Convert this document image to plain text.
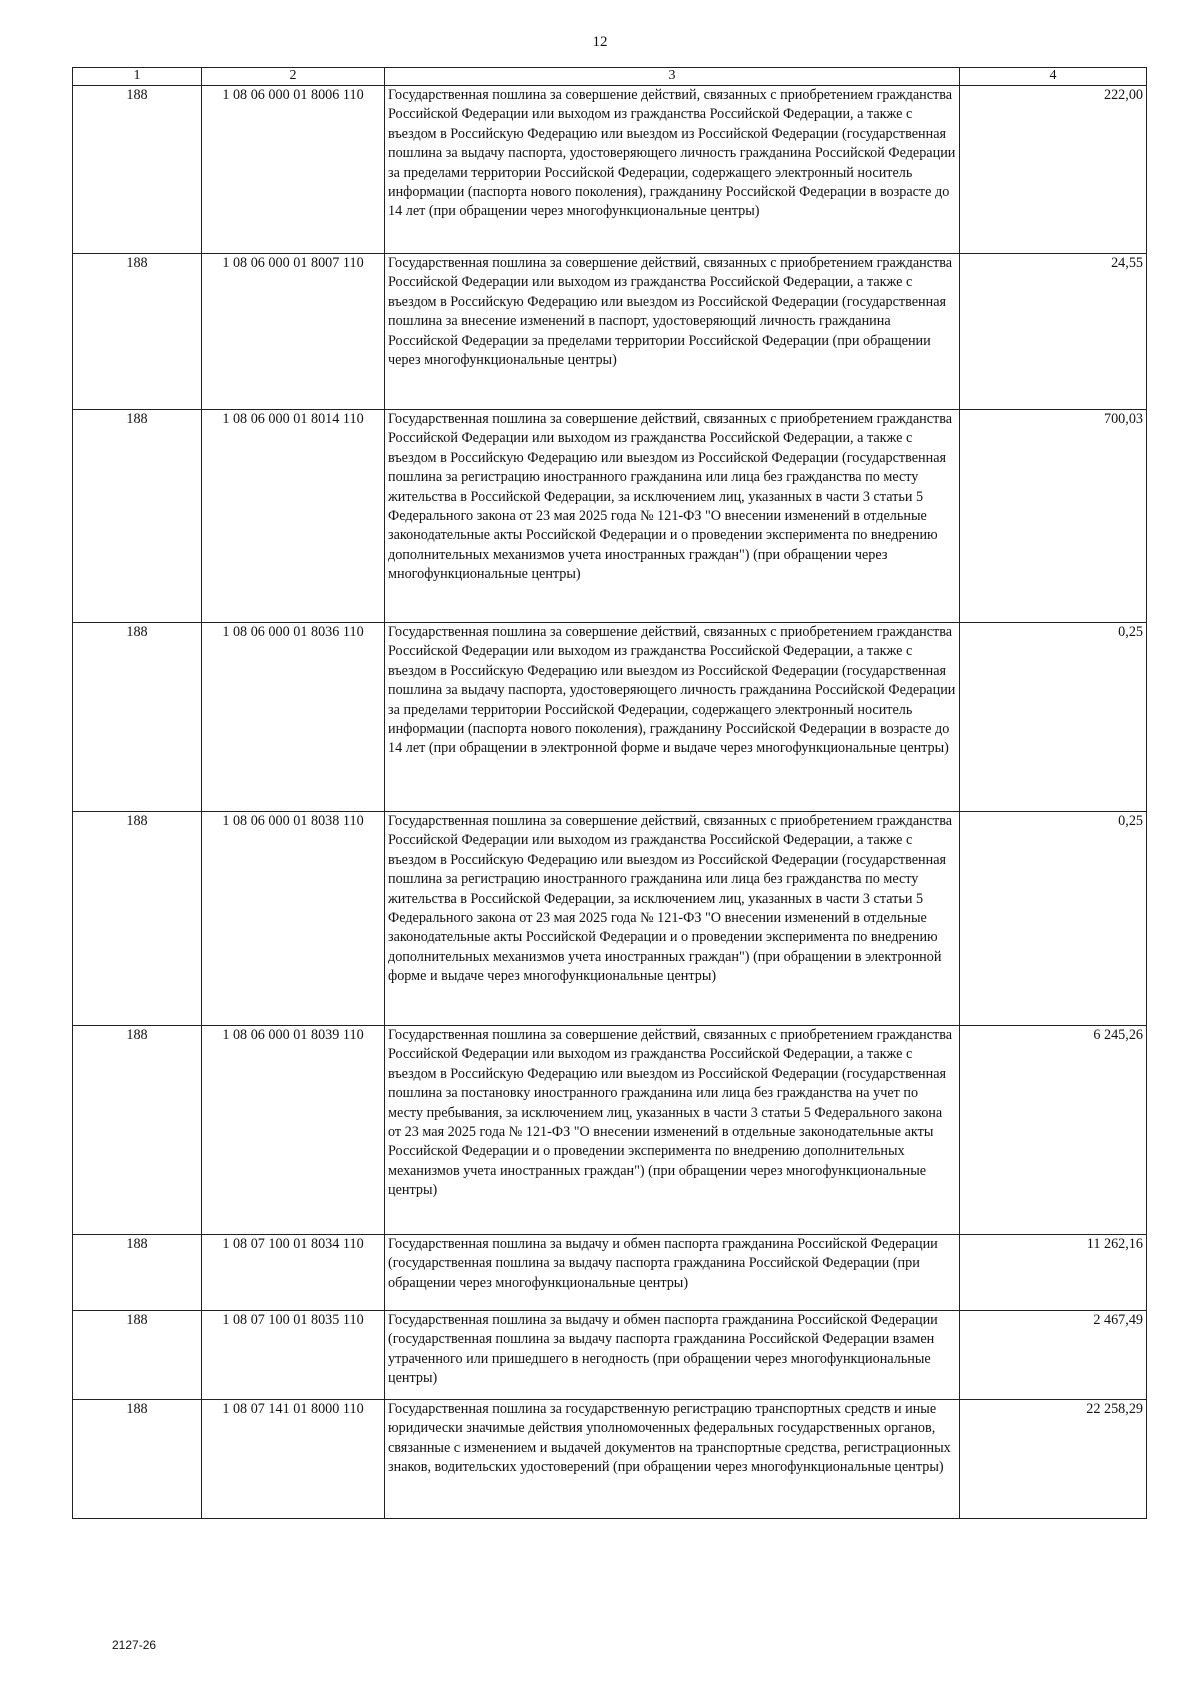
12
1	2	3	4
188	1 08 06 000 01 8006 110	Государственная пошлина за совершение действий, связанных с приобретением гражданства Российской Федерации или выходом из гражданства Российской Федерации, а также с въездом в Российскую Федерацию или выездом из Российской Федерации (государственная пошлина за выдачу паспорта, удостоверяющего личность гражданина Российской Федерации за пределами территории Российской Федерации, содержащего электронный носитель информации (паспорта нового поколения), гражданину Российской Федерации в возрасте до 14 лет (при обращении через многофункциональные центры)	222,00
188	1 08 06 000 01 8007 110	Государственная пошлина за совершение действий, связанных с приобретением гражданства Российской Федерации или выходом из гражданства Российской Федерации, а также с въездом в Российскую Федерацию или выездом из Российской Федерации (государственная пошлина за внесение изменений в паспорт, удостоверяющий личность гражданина Российской Федерации за пределами территории Российской Федерации (при обращении через многофункциональные центры)	24,55
188	1 08 06 000 01 8014 110	Государственная пошлина за совершение действий, связанных с приобретением гражданства Российской Федерации или выходом из гражданства Российской Федерации, а также с въездом в Российскую Федерацию или выездом из Российской Федерации (государственная пошлина за регистрацию иностранного гражданина или лица без гражданства по месту жительства в Российской Федерации, за исключением лиц, указанных в части 3 статьи 5 Федерального закона от 23 мая 2025 года № 121-ФЗ "О внесении изменений в отдельные законодательные акты Российской Федерации и о проведении эксперимента по внедрению дополнительных механизмов учета иностранных граждан") (при обращении через многофункциональные центры)	700,03
188	1 08 06 000 01 8036 110	Государственная пошлина за совершение действий, связанных с приобретением гражданства Российской Федерации или выходом из гражданства Российской Федерации, а также с въездом в Российскую Федерацию или выездом из Российской Федерации (государственная пошлина за выдачу паспорта, удостоверяющего личность гражданина Российской Федерации за пределами территории Российской Федерации, содержащего электронный носитель информации (паспорта нового поколения), гражданину Российской Федерации в возрасте до 14 лет (при обращении в электронной форме и выдаче через многофункциональные центры)	0,25
188	1 08 06 000 01 8038 110	Государственная пошлина за совершение действий, связанных с приобретением гражданства Российской Федерации или выходом из гражданства Российской Федерации, а также с въездом в Российскую Федерацию или выездом из Российской Федерации (государственная пошлина за регистрацию иностранного гражданина или лица без гражданства по месту жительства в Российской Федерации, за исключением лиц, указанных в части 3 статьи 5 Федерального закона от 23 мая 2025 года № 121-ФЗ "О внесении изменений в отдельные законодательные акты Российской Федерации и о проведении эксперимента по внедрению дополнительных механизмов учета иностранных граждан") (при обращении в электронной форме и выдаче через многофункциональные центры)	0,25
188	1 08 06 000 01 8039 110	Государственная пошлина за совершение действий, связанных с приобретением гражданства Российской Федерации или выходом из гражданства Российской Федерации, а также с въездом в Российскую Федерацию или выездом из Российской Федерации (государственная пошлина за постановку иностранного гражданина или лица без гражданства на учет по месту пребывания, за исключением лиц, указанных в части 3 статьи 5 Федерального закона от 23 мая 2025 года № 121-ФЗ "О внесении изменений в отдельные законодательные акты Российской Федерации и о проведении эксперимента по внедрению дополнительных механизмов учета иностранных граждан") (при обращении через многофункциональные центры)	6 245,26
188	1 08 07 100 01 8034 110	Государственная пошлина за выдачу и обмен паспорта гражданина Российской Федерации (государственная пошлина за выдачу паспорта гражданина Российской Федерации (при обращении через многофункциональные центры)	11 262,16
188	1 08 07 100 01 8035 110	Государственная пошлина за выдачу и обмен паспорта гражданина Российской Федерации (государственная пошлина за выдачу паспорта гражданина Российской Федерации взамен утраченного или пришедшего в негодность (при обращении через многофункциональные центры)	2 467,49
188	1 08 07 141 01 8000 110	Государственная пошлина за государственную регистрацию транспортных средств и иные юридически значимые действия уполномоченных федеральных государственных органов, связанные с изменением и выдачей документов на транспортные средства, регистрационных знаков, водительских удостоверений (при обращении через многофункциональные центры)	22 258,29
2127-26
